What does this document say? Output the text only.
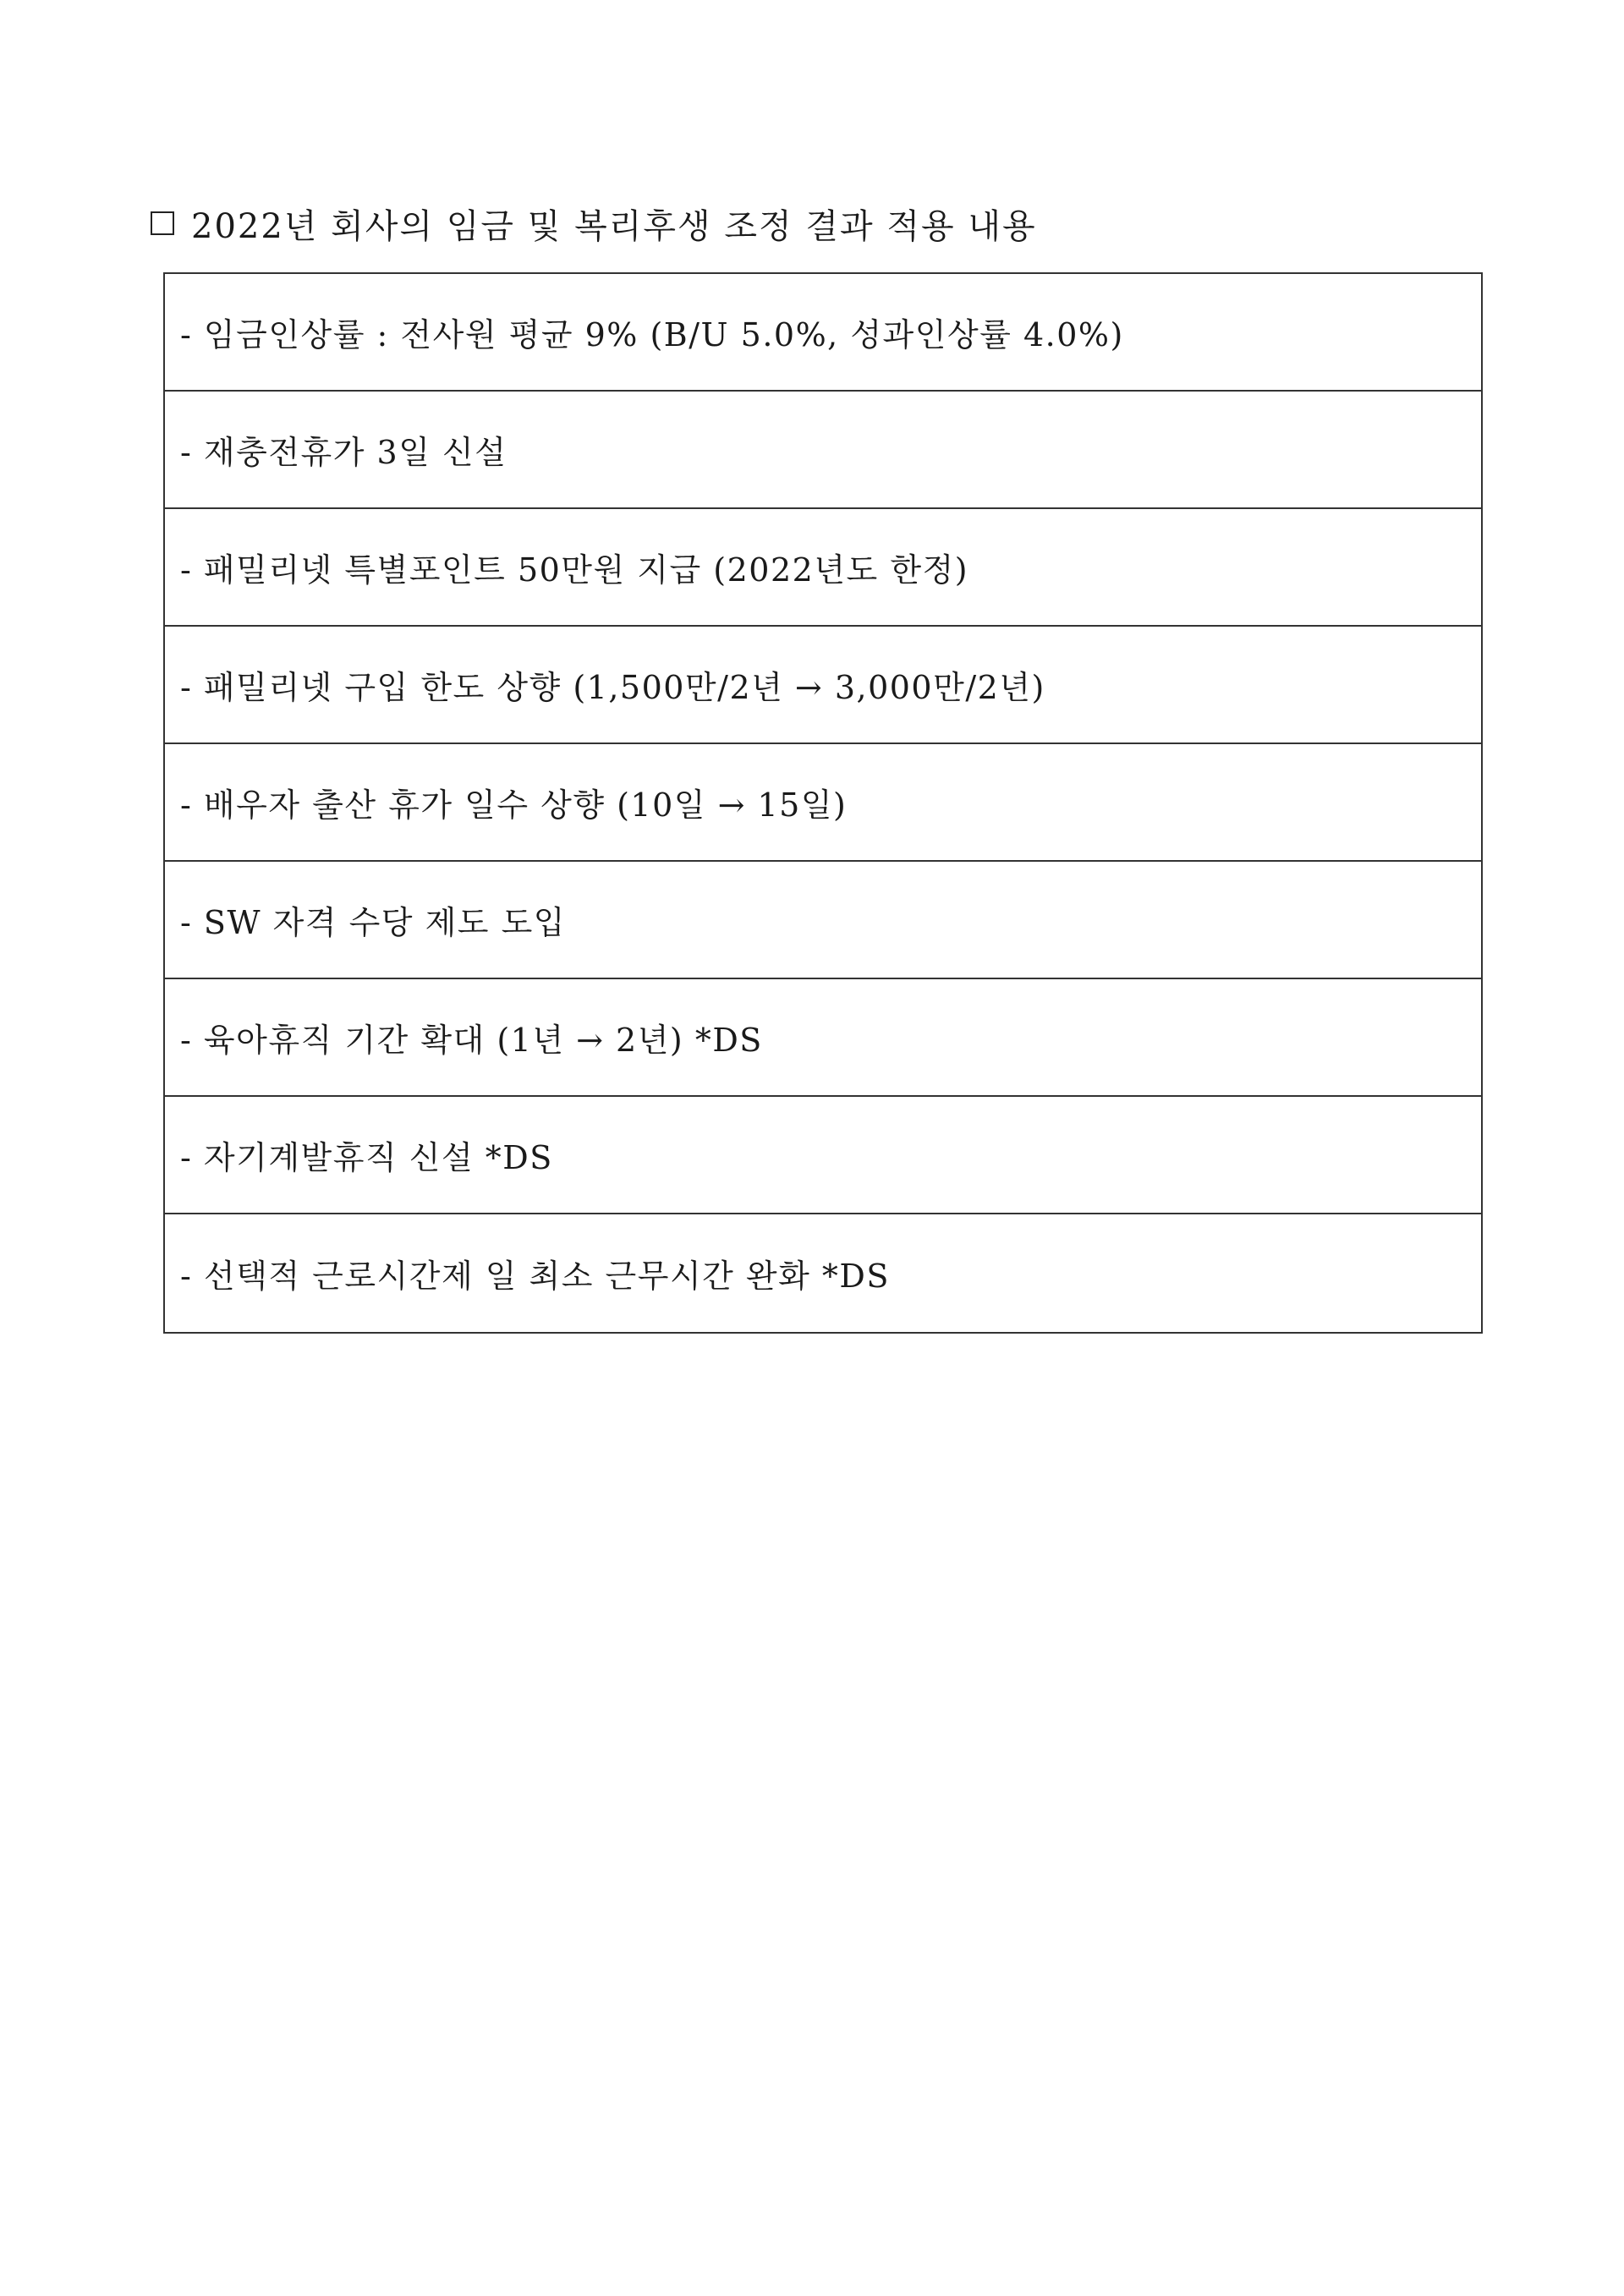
2022년 회사의 임금 및 복리후생 조정 결과 적용 내용
- 임금인상률 : 전사원 평균 9% (B/U 5.0%, 성과인상률 4.0%)
- 재충전휴가 3일 신설
- 패밀리넷 특별포인트 50만원 지급 (2022년도 한정)
- 패밀리넷 구입 한도 상향 (1,500만/2년 → 3,000만/2년)
- 배우자 출산 휴가 일수 상향 (10일 → 15일)
- SW 자격 수당 제도 도입
- 육아휴직 기간 확대 (1년 → 2년) *DS
- 자기계발휴직 신설 *DS
- 선택적 근로시간제 일 최소 근무시간 완화 *DS
